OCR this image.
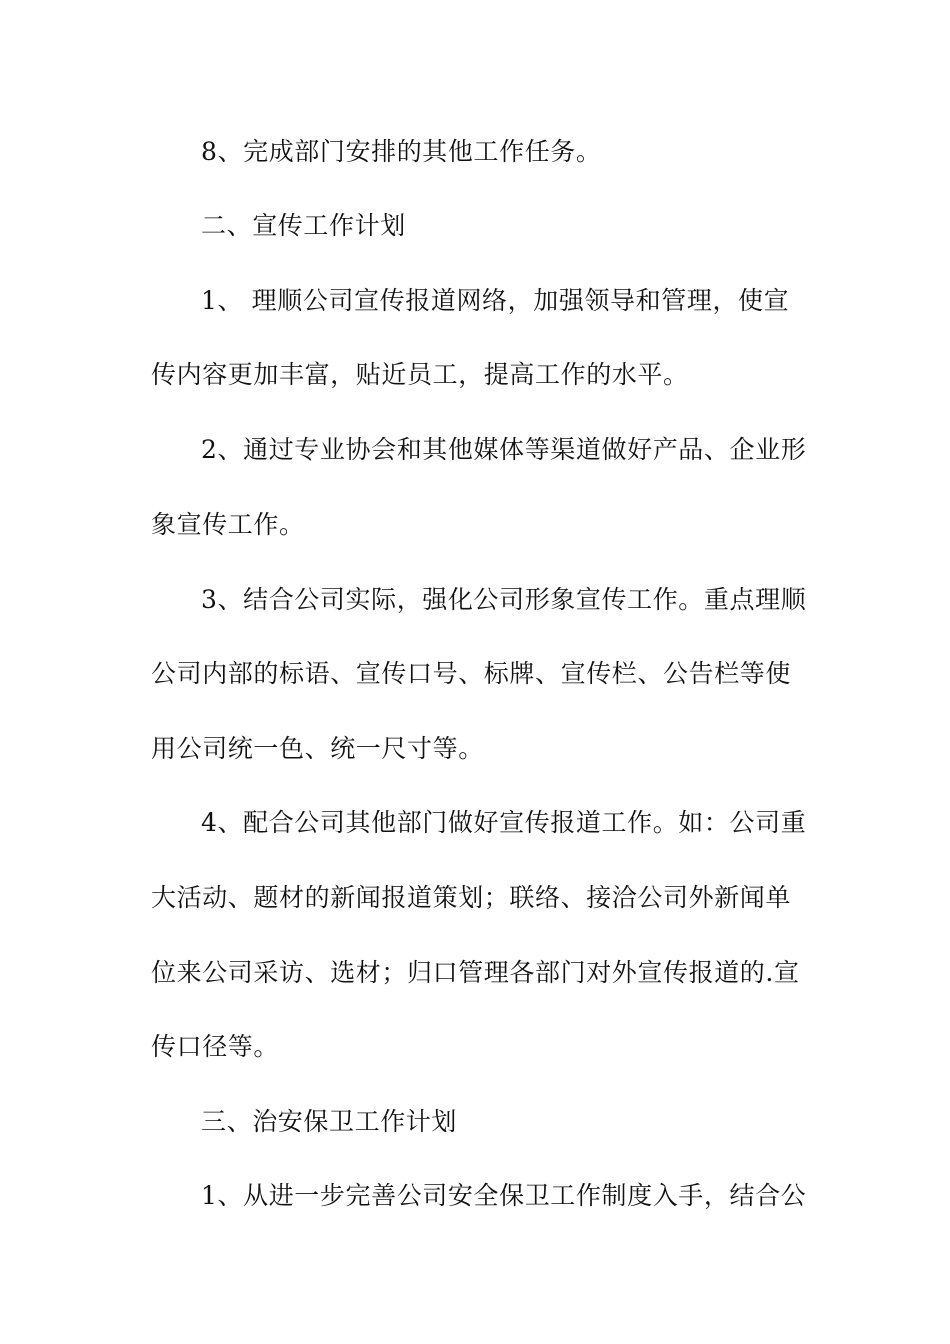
8、完成部门安排的其他工作任务。
二、宣传工作计划
1、 理顺公司宣传报道网络，加强领导和管理，使宣
传内容更加丰富，贴近员工，提高工作的水平。
2、通过专业协会和其他媒体等渠道做好产品、企业形
象宣传工作。
3、结合公司实际，强化公司形象宣传工作。重点理顺
公司内部的标语、宣传口号、标牌、宣传栏、公告栏等使
用公司统一色、统一尺寸等。
4、配合公司其他部门做好宣传报道工作。如：公司重
大活动、题材的新闻报道策划；联络、接洽公司外新闻单
位来公司采访、选材；归口管理各部门对外宣传报道的.宣
传口径等。
三、治安保卫工作计划
1、从进一步完善公司安全保卫工作制度入手，结合公
